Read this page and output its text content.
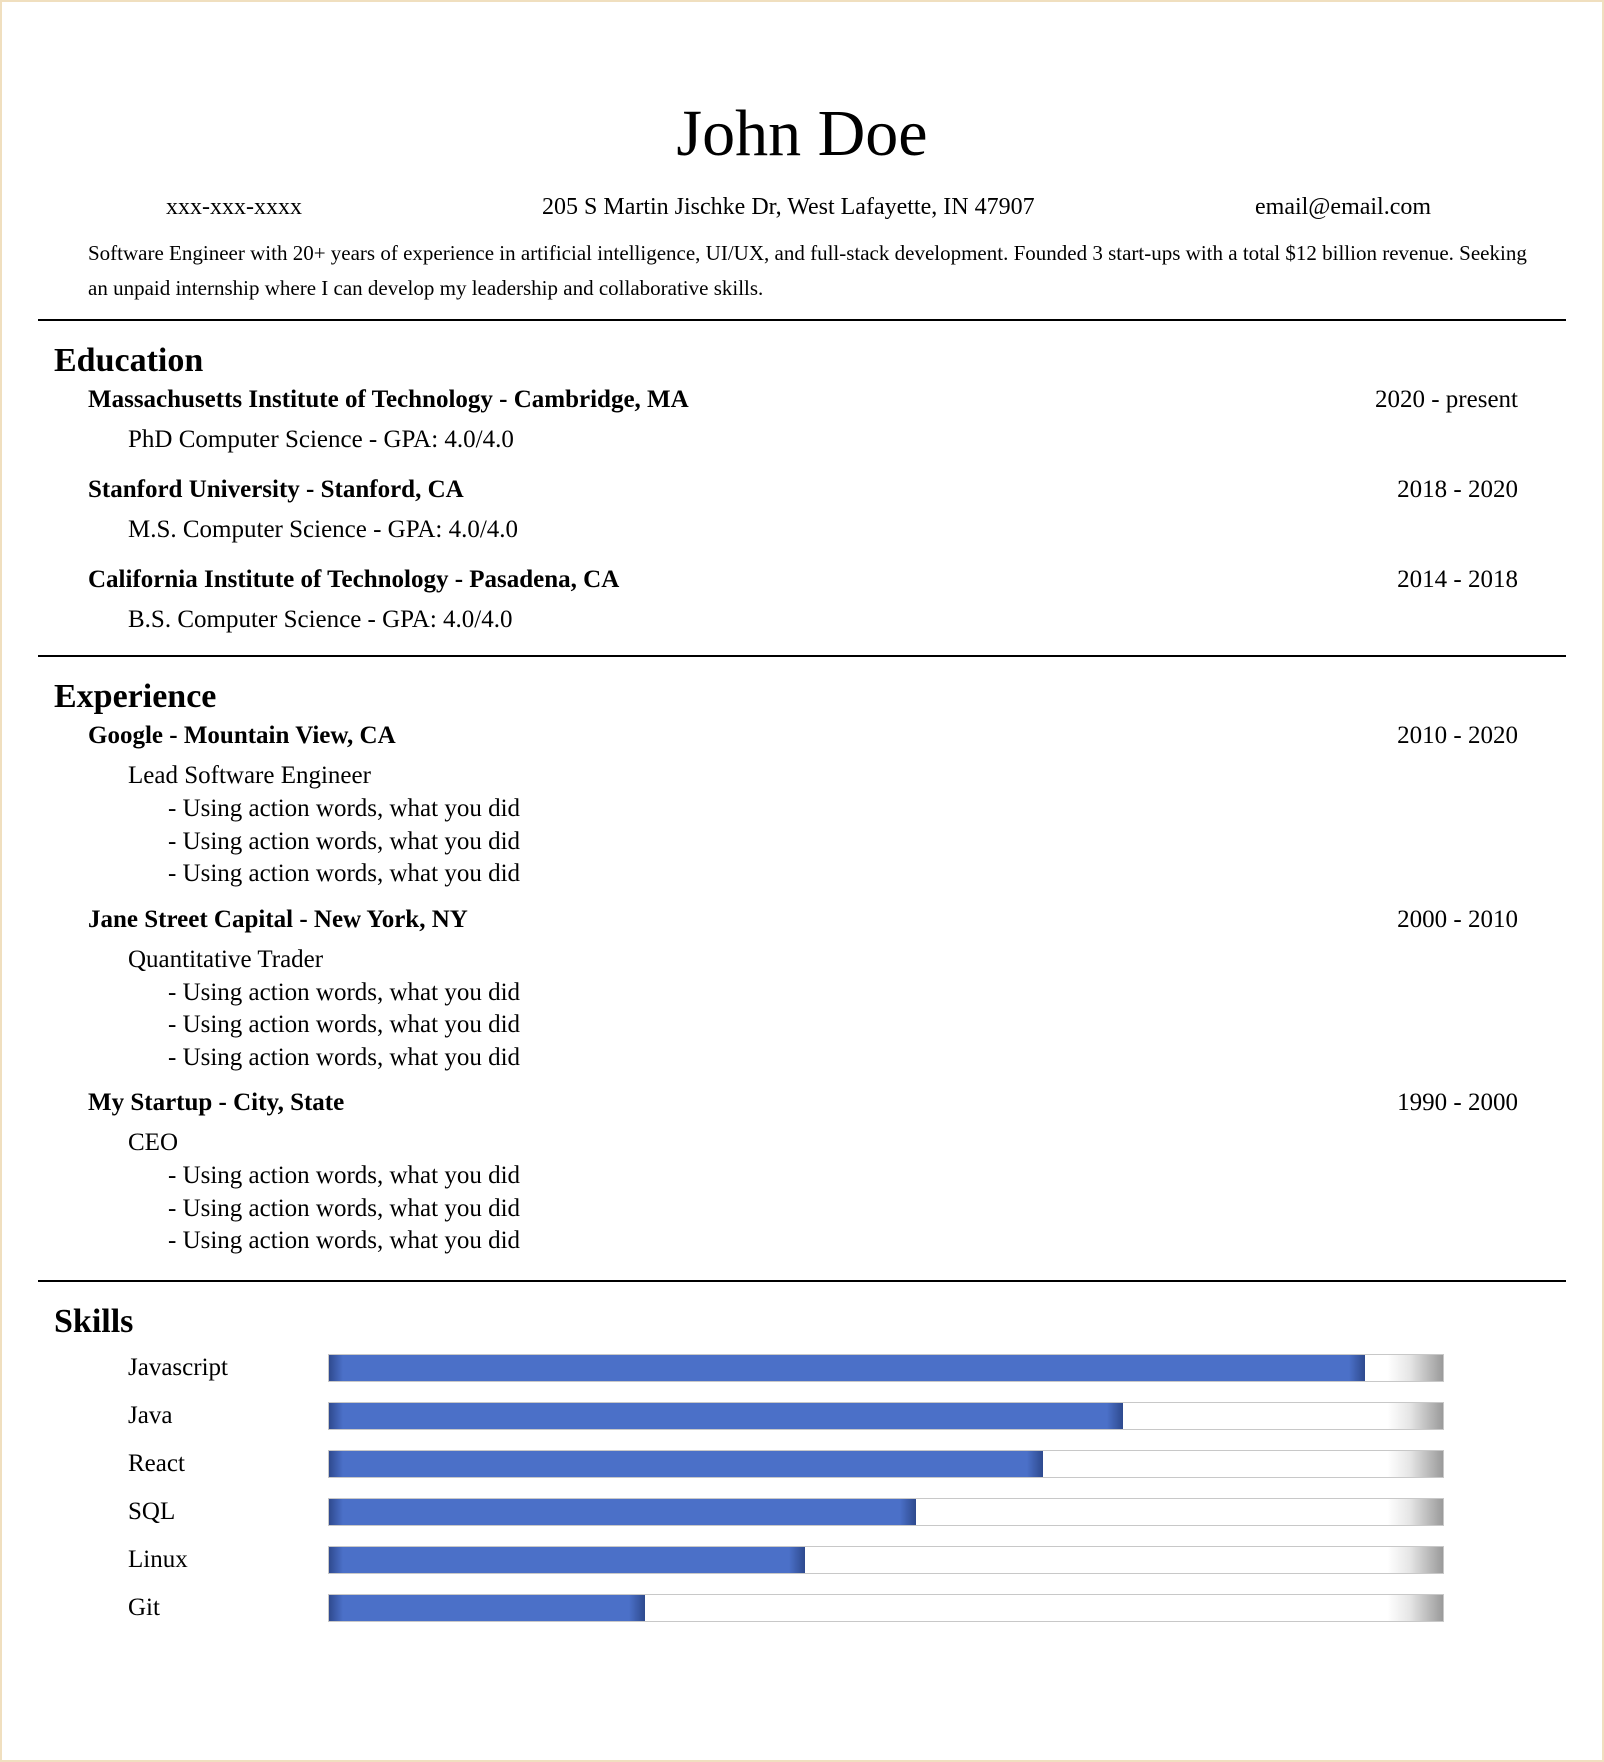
John Doe
xxx-xxx-xxxx	205 S Martin Jischke Dr, West Lafayette, IN 47907	email@email.com

Software Engineer with 20+ years of experience in artificial intelligence, UI/UX, and full-stack development. Founded 3 start-ups with a total $12 billion revenue. Seeking an unpaid internship where I can develop my leadership and collaborative skills.

Education
Massachusetts Institute of Technology - Cambridge, MA	2020 - present
PhD Computer Science - GPA: 4.0/4.0
Stanford University - Stanford, CA	2018 - 2020
M.S. Computer Science - GPA: 4.0/4.0
California Institute of Technology - Pasadena, CA	2014 - 2018
B.S. Computer Science - GPA: 4.0/4.0
Experience
Google - Mountain View, CA	2010 - 2020
Lead Software Engineer
- Using action words, what you did
- Using action words, what you did
- Using action words, what you did
Jane Street Capital - New York, NY	2000 - 2010
Quantitative Trader
- Using action words, what you did
- Using action words, what you did
- Using action words, what you did
My Startup - City, State	1990 - 2000
CEO
- Using action words, what you did
- Using action words, what you did
- Using action words, what you did
Skills
Javascript
Java
React
SQL
Linux
Git
